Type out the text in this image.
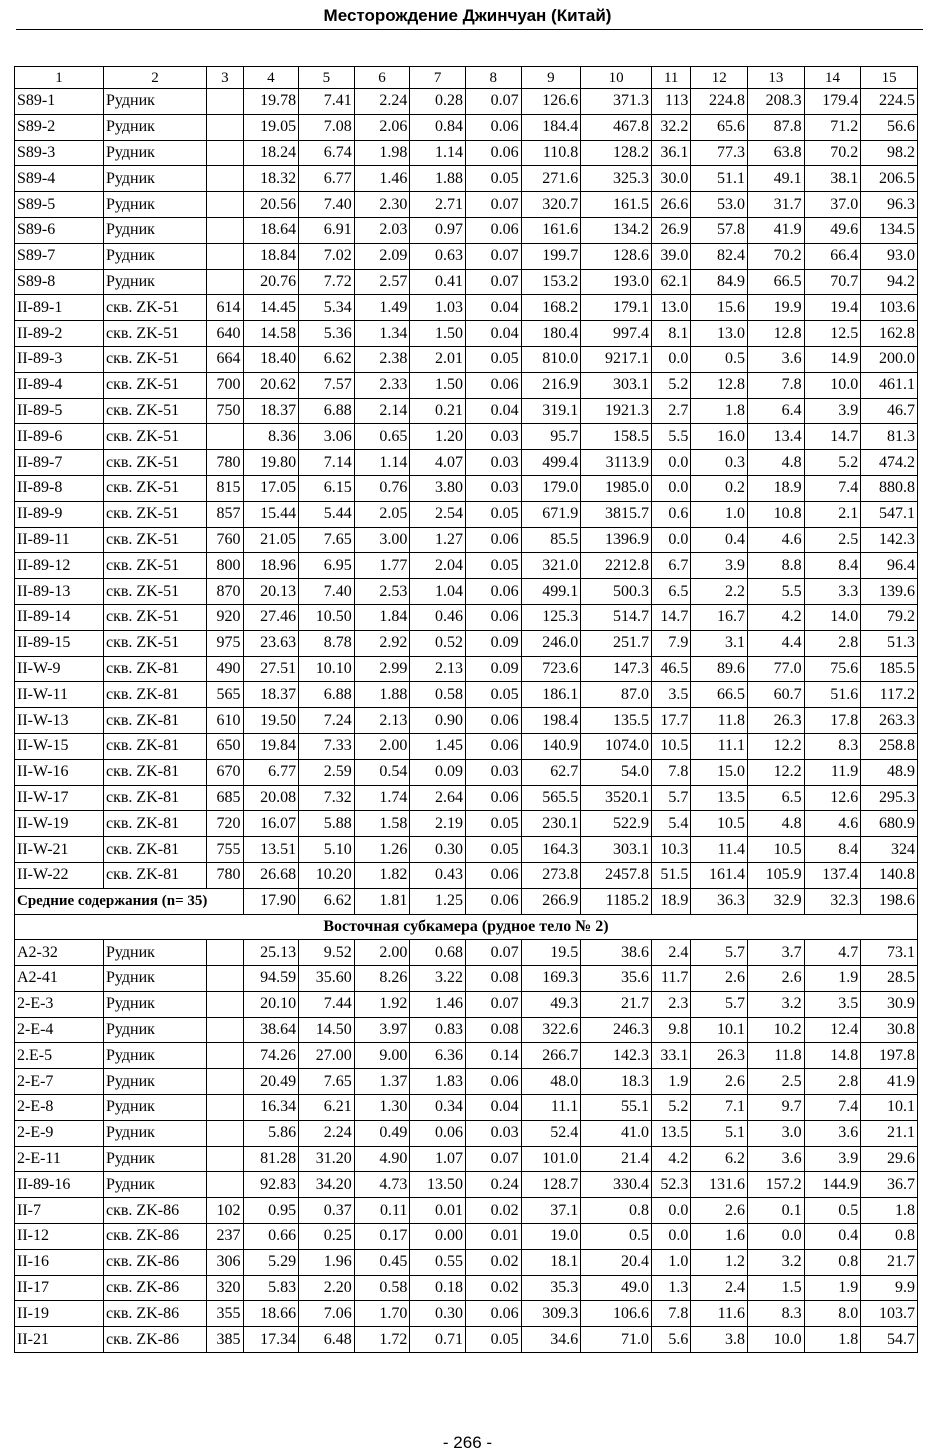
Месторождение Джинчуан (Китай)
1	2	3	4	5	6	7	8	9	10	11	12	13	14	15
S89-1	Рудник		19.78	7.41	2.24	0.28	0.07	126.6	371.3	113	224.8	208.3	179.4	224.5
S89-2	Рудник		19.05	7.08	2.06	0.84	0.06	184.4	467.8	32.2	65.6	87.8	71.2	56.6
S89-3	Рудник		18.24	6.74	1.98	1.14	0.06	110.8	128.2	36.1	77.3	63.8	70.2	98.2
S89-4	Рудник		18.32	6.77	1.46	1.88	0.05	271.6	325.3	30.0	51.1	49.1	38.1	206.5
S89-5	Рудник		20.56	7.40	2.30	2.71	0.07	320.7	161.5	26.6	53.0	31.7	37.0	96.3
S89-6	Рудник		18.64	6.91	2.03	0.97	0.06	161.6	134.2	26.9	57.8	41.9	49.6	134.5
S89-7	Рудник		18.84	7.02	2.09	0.63	0.07	199.7	128.6	39.0	82.4	70.2	66.4	93.0
S89-8	Рудник		20.76	7.72	2.57	0.41	0.07	153.2	193.0	62.1	84.9	66.5	70.7	94.2
II-89-1	скв. ZK-51	614	14.45	5.34	1.49	1.03	0.04	168.2	179.1	13.0	15.6	19.9	19.4	103.6
II-89-2	скв. ZK-51	640	14.58	5.36	1.34	1.50	0.04	180.4	997.4	8.1	13.0	12.8	12.5	162.8
II-89-3	скв. ZK-51	664	18.40	6.62	2.38	2.01	0.05	810.0	9217.1	0.0	0.5	3.6	14.9	200.0
II-89-4	скв. ZK-51	700	20.62	7.57	2.33	1.50	0.06	216.9	303.1	5.2	12.8	7.8	10.0	461.1
II-89-5	скв. ZK-51	750	18.37	6.88	2.14	0.21	0.04	319.1	1921.3	2.7	1.8	6.4	3.9	46.7
II-89-6	скв. ZK-51		8.36	3.06	0.65	1.20	0.03	95.7	158.5	5.5	16.0	13.4	14.7	81.3
II-89-7	скв. ZK-51	780	19.80	7.14	1.14	4.07	0.03	499.4	3113.9	0.0	0.3	4.8	5.2	474.2
II-89-8	скв. ZK-51	815	17.05	6.15	0.76	3.80	0.03	179.0	1985.0	0.0	0.2	18.9	7.4	880.8
II-89-9	скв. ZK-51	857	15.44	5.44	2.05	2.54	0.05	671.9	3815.7	0.6	1.0	10.8	2.1	547.1
II-89-11	скв. ZK-51	760	21.05	7.65	3.00	1.27	0.06	85.5	1396.9	0.0	0.4	4.6	2.5	142.3
II-89-12	скв. ZK-51	800	18.96	6.95	1.77	2.04	0.05	321.0	2212.8	6.7	3.9	8.8	8.4	96.4
II-89-13	скв. ZK-51	870	20.13	7.40	2.53	1.04	0.06	499.1	500.3	6.5	2.2	5.5	3.3	139.6
II-89-14	скв. ZK-51	920	27.46	10.50	1.84	0.46	0.06	125.3	514.7	14.7	16.7	4.2	14.0	79.2
II-89-15	скв. ZK-51	975	23.63	8.78	2.92	0.52	0.09	246.0	251.7	7.9	3.1	4.4	2.8	51.3
II-W-9	скв. ZK-81	490	27.51	10.10	2.99	2.13	0.09	723.6	147.3	46.5	89.6	77.0	75.6	185.5
II-W-11	скв. ZK-81	565	18.37	6.88	1.88	0.58	0.05	186.1	87.0	3.5	66.5	60.7	51.6	117.2
II-W-13	скв. ZK-81	610	19.50	7.24	2.13	0.90	0.06	198.4	135.5	17.7	11.8	26.3	17.8	263.3
II-W-15	скв. ZK-81	650	19.84	7.33	2.00	1.45	0.06	140.9	1074.0	10.5	11.1	12.2	8.3	258.8
II-W-16	скв. ZK-81	670	6.77	2.59	0.54	0.09	0.03	62.7	54.0	7.8	15.0	12.2	11.9	48.9
II-W-17	скв. ZK-81	685	20.08	7.32	1.74	2.64	0.06	565.5	3520.1	5.7	13.5	6.5	12.6	295.3
II-W-19	скв. ZK-81	720	16.07	5.88	1.58	2.19	0.05	230.1	522.9	5.4	10.5	4.8	4.6	680.9
II-W-21	скв. ZK-81	755	13.51	5.10	1.26	0.30	0.05	164.3	303.1	10.3	11.4	10.5	8.4	324
II-W-22	скв. ZK-81	780	26.68	10.20	1.82	0.43	0.06	273.8	2457.8	51.5	161.4	105.9	137.4	140.8
Средние содержания (n= 35)			17.90	6.62	1.81	1.25	0.06	266.9	1185.2	18.9	36.3	32.9	32.3	198.6
Восточная субкамера (рудное тело № 2)														
A2-32	Рудник		25.13	9.52	2.00	0.68	0.07	19.5	38.6	2.4	5.7	3.7	4.7	73.1
A2-41	Рудник		94.59	35.60	8.26	3.22	0.08	169.3	35.6	11.7	2.6	2.6	1.9	28.5
2-E-3	Рудник		20.10	7.44	1.92	1.46	0.07	49.3	21.7	2.3	5.7	3.2	3.5	30.9
2-E-4	Рудник		38.64	14.50	3.97	0.83	0.08	322.6	246.3	9.8	10.1	10.2	12.4	30.8
2.E-5	Рудник		74.26	27.00	9.00	6.36	0.14	266.7	142.3	33.1	26.3	11.8	14.8	197.8
2-E-7	Рудник		20.49	7.65	1.37	1.83	0.06	48.0	18.3	1.9	2.6	2.5	2.8	41.9
2-E-8	Рудник		16.34	6.21	1.30	0.34	0.04	11.1	55.1	5.2	7.1	9.7	7.4	10.1
2-E-9	Рудник		5.86	2.24	0.49	0.06	0.03	52.4	41.0	13.5	5.1	3.0	3.6	21.1
2-E-11	Рудник		81.28	31.20	4.90	1.07	0.07	101.0	21.4	4.2	6.2	3.6	3.9	29.6
II-89-16	Рудник		92.83	34.20	4.73	13.50	0.24	128.7	330.4	52.3	131.6	157.2	144.9	36.7
II-7	скв. ZK-86	102	0.95	0.37	0.11	0.01	0.02	37.1	0.8	0.0	2.6	0.1	0.5	1.8
II-12	скв. ZK-86	237	0.66	0.25	0.17	0.00	0.01	19.0	0.5	0.0	1.6	0.0	0.4	0.8
II-16	скв. ZK-86	306	5.29	1.96	0.45	0.55	0.02	18.1	20.4	1.0	1.2	3.2	0.8	21.7
II-17	скв. ZK-86	320	5.83	2.20	0.58	0.18	0.02	35.3	49.0	1.3	2.4	1.5	1.9	9.9
II-19	скв. ZK-86	355	18.66	7.06	1.70	0.30	0.06	309.3	106.6	7.8	11.6	8.3	8.0	103.7
II-21	скв. ZK-86	385	17.34	6.48	1.72	0.71	0.05	34.6	71.0	5.6	3.8	10.0	1.8	54.7
- 266 -
